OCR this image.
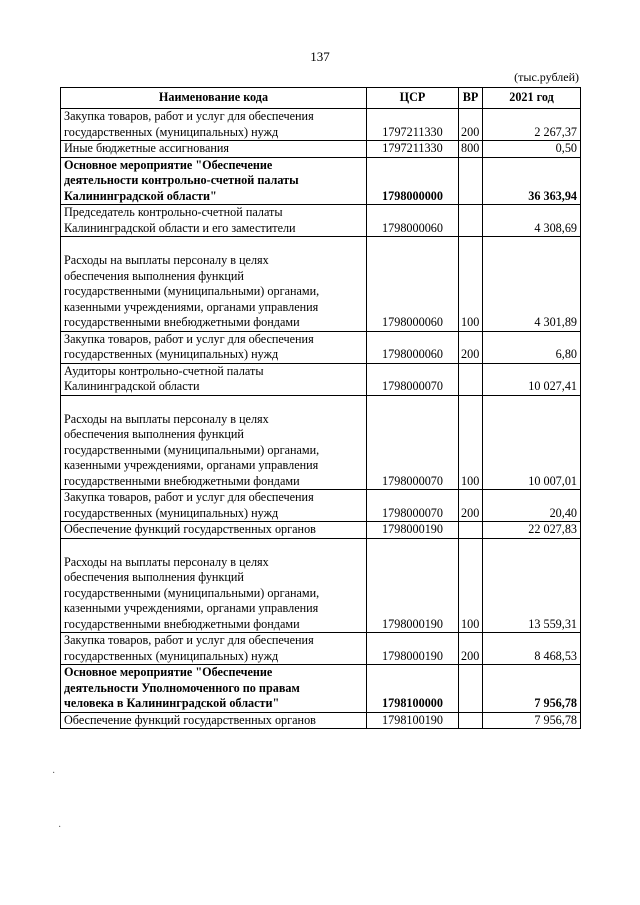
137
(тыс.рублей)
Наименование кода	ЦСР	ВР	2021 год

Закупка товаров, работ и услуг для обеспечения
государственных (муниципальных) нужд	1797211330	200	2 267,37

Иные бюджетные ассигнования	1797211330	800	0,50

Основное мероприятие "Обеспечение
деятельности контрольно-счетной палаты
Калининградской области"	1798000000		36 363,94

Председатель контрольно-счетной палаты
Калининградской области и его заместители	1798000060		4 308,69

Расходы на выплаты персоналу в целях
обеспечения выполнения функций
государственными (муниципальными) органами,
казенными учреждениями, органами управления
государственными внебюджетными фондами	1798000060	100	4 301,89

Закупка товаров, работ и услуг для обеспечения
государственных (муниципальных) нужд	1798000060	200	6,80

Аудиторы контрольно-счетной палаты
Калининградской области	1798000070		10 027,41

Расходы на выплаты персоналу в целях
обеспечения выполнения функций
государственными (муниципальными) органами,
казенными учреждениями, органами управления
государственными внебюджетными фондами	1798000070	100	10 007,01

Закупка товаров, работ и услуг для обеспечения
государственных (муниципальных) нужд	1798000070	200	20,40

Обеспечение функций государственных органов	1798000190		22 027,83

Расходы на выплаты персоналу в целях
обеспечения выполнения функций
государственными (муниципальными) органами,
казенными учреждениями, органами управления
государственными внебюджетными фондами	1798000190	100	13 559,31

Закупка товаров, работ и услуг для обеспечения
государственных (муниципальных) нужд	1798000190	200	8 468,53

Основное мероприятие "Обеспечение
деятельности Уполномоченного по правам
человека в Калининградской области"	1798100000		7 956,78

Обеспечение функций государственных органов	1798100190		7 956,78
·
·
